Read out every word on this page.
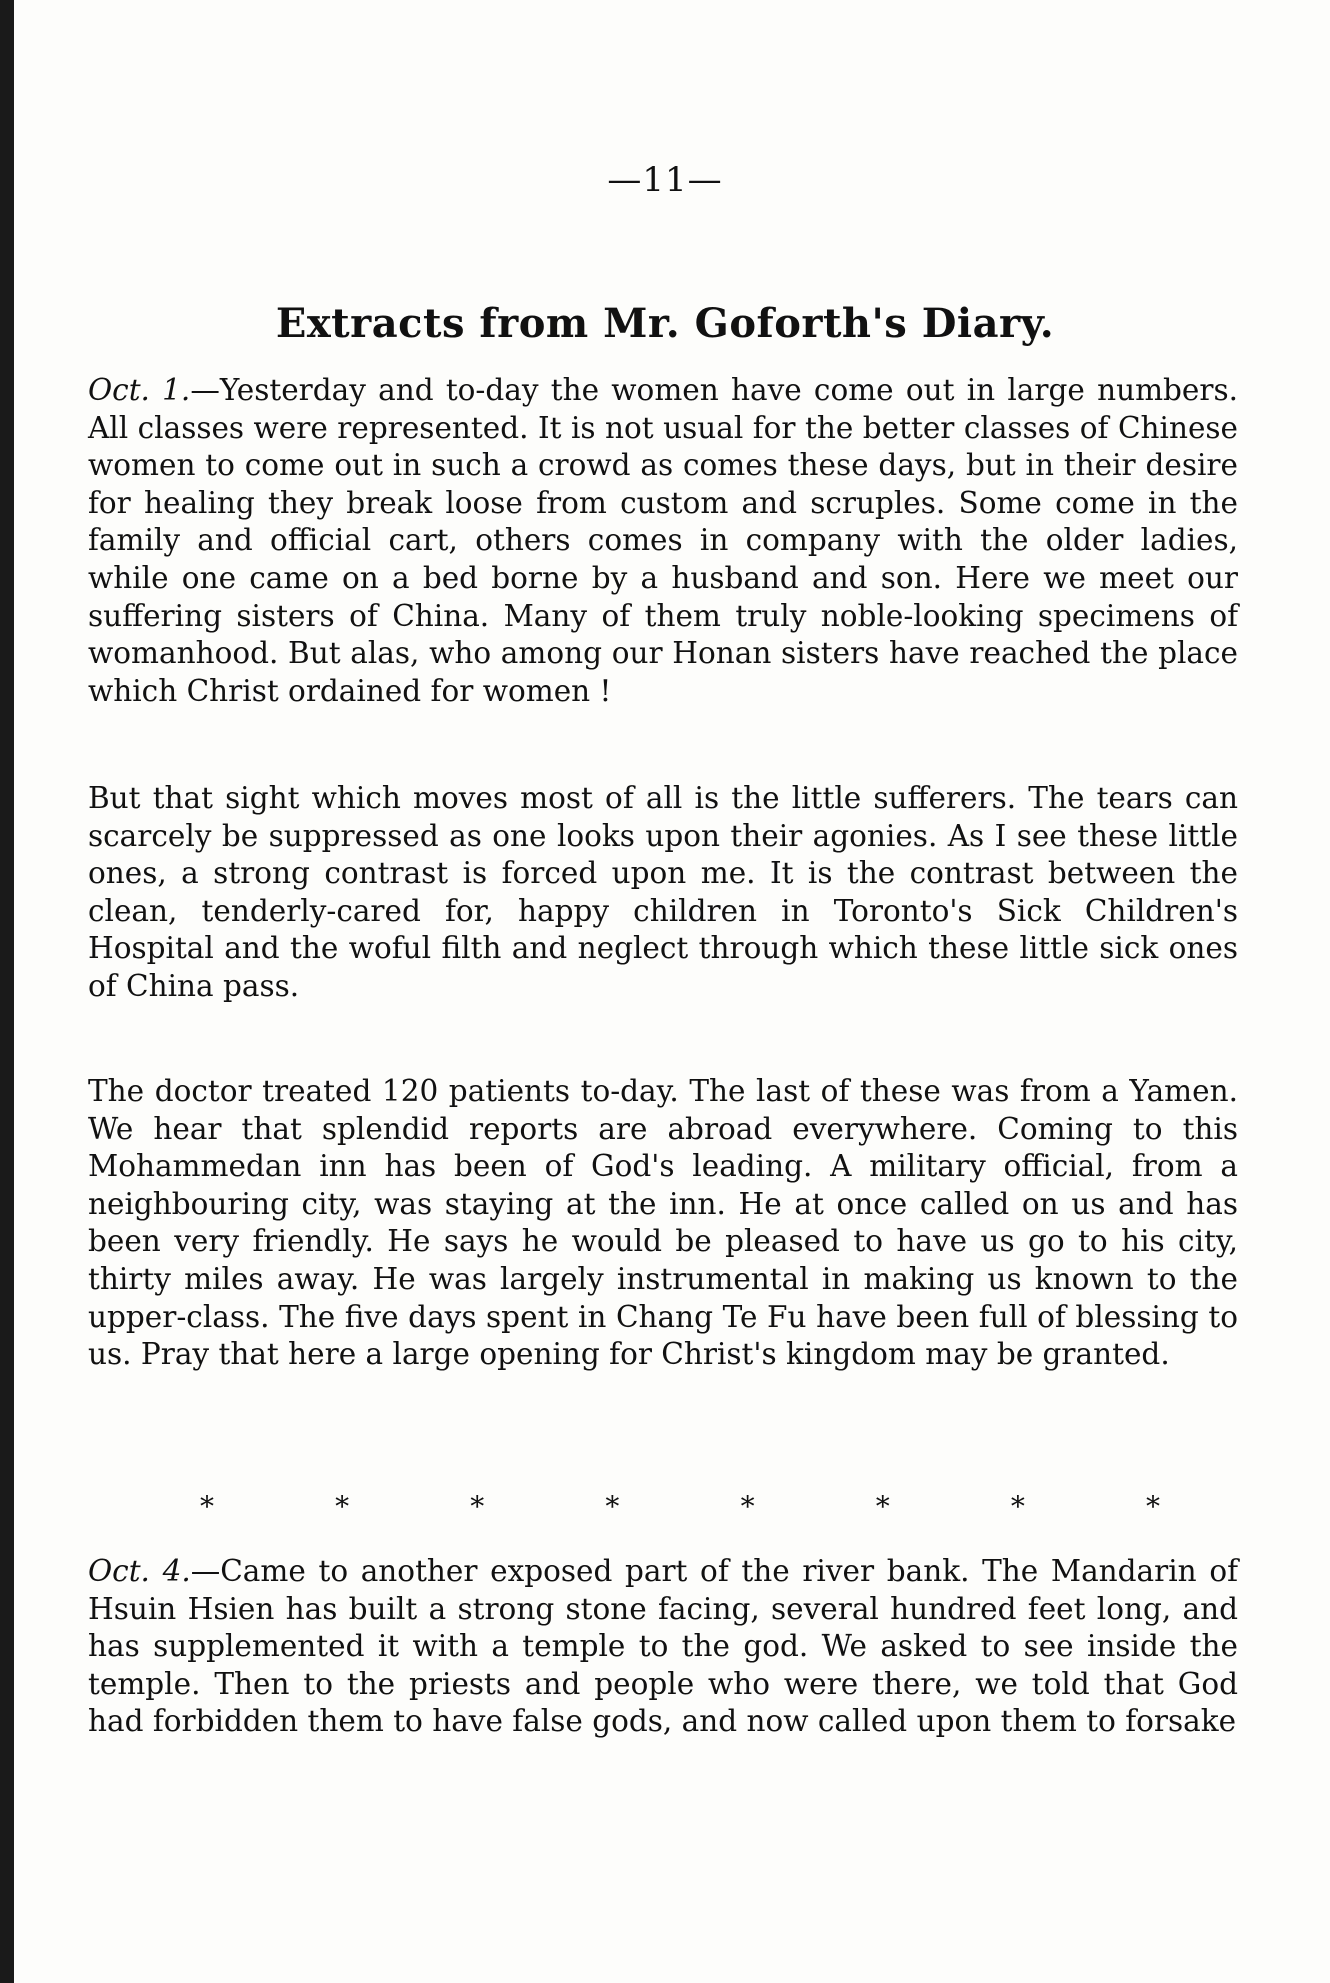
—11—
Extracts from Mr. Goforth's Diary.

Oct. 1.—Yesterday and to-day the women have come out in large numbers. All classes were represented. It is not usual for the better classes of Chinese women to come out in such a crowd as comes these days, but in their desire for healing they break loose from custom and scruples. Some come in the family and official cart, others comes in company with the older ladies, while one came on a bed borne by a husband and son. Here we meet our suffering sisters of China. Many of them truly noble-looking specimens of womanhood. But alas, who among our Honan sisters have reached the place which Christ ordained for women !

But that sight which moves most of all is the little sufferers. The tears can scarcely be suppressed as one looks upon their agonies. As I see these little ones, a strong contrast is forced upon me. It is the contrast between the clean, tenderly-cared for, happy children in Toronto's Sick Children's Hospital and the woful filth and neglect through which these little sick ones of China pass.

The doctor treated 120 patients to-day. The last of these was from a Yamen. We hear that splendid reports are abroad everywhere. Coming to this Mohammedan inn has been of God's leading. A military official, from a neighbouring city, was staying at the inn. He at once called on us and has been very friendly. He says he would be pleased to have us go to his city, thirty miles away. He was largely instrumental in making us known to the upper-class. The five days spent in Chang Te Fu have been full of blessing to us. Pray that here a large opening for Christ's kingdom may be granted.

*	*	*	*	*	*	*	*

Oct. 4.—Came to another exposed part of the river bank. The Mandarin of Hsuin Hsien has built a strong stone facing, several hundred feet long, and has supplemented it with a temple to the god. We asked to see inside the temple. Then to the priests and people who were there, we told that God had forbidden them to have false gods, and now called upon them to forsake
